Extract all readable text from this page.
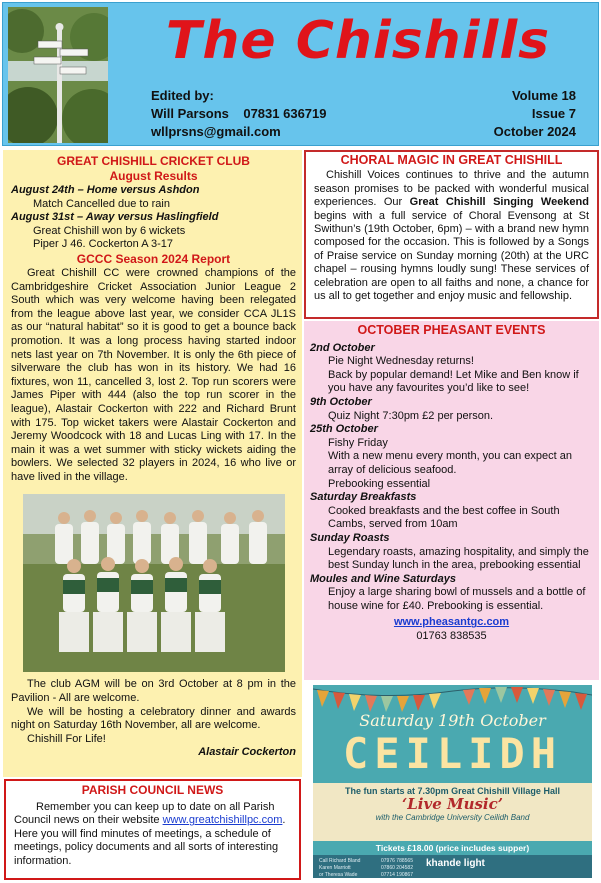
The Chishills
Edited by:
Will Parsons    07831 636719
wllprsns@gmail.com
Volume 18
Issue 7
October 2024
GREAT CHISHILL CRICKET CLUB
August Results
August 24th – Home versus Ashdon
Match Cancelled due to rain
August 31st – Away versus Haslingfield
Great Chishill won by 6 wickets
Piper J 46. Cockerton A 3-17
GCCC Season 2024 Report

Great Chishill CC were crowned champions of the Cambridgeshire Cricket Association Junior League 2 South which was very welcome having been relegated from the league above last year, we consider CCA JL1S as our “natural habitat” so it is good to get a bounce back promotion. It was a long process having started indoor nets last year on 7th November. It is only the 6th piece of silverware the club has won in its history. We had 16 fixtures, won 11, cancelled 3, lost 2. Top run scorers were James Piper with 444 (also the top run scorer in the league), Alastair Cockerton with 222 and Richard Brunt with 175. Top wicket takers were Alastair Cockerton and Jeremy Woodcock with 18 and Lucas Ling with 17. In the main it was a wet summer with sticky wickets aiding the bowlers. We selected 32 players in 2024, 16 who live or have lived in the village.

The club AGM will be on 3rd October at 8 pm in the Pavilion - All are welcome.

We will be hosting a celebratory dinner and awards night on Saturday 16th November, all are welcome.

Chishill For Life!

Alastair Cockerton
PARISH COUNCIL NEWS

Remember you can keep up to date on all Parish Council news on their website www.greatchishillpc.com. Here you will find minutes of meetings, a schedule of meetings, policy documents and all sorts of interesting information.

CHORAL MAGIC IN GREAT CHISHILL

Chishill Voices continues to thrive and the autumn season promises to be packed with wonderful musical experiences. Our Great Chishill Singing Weekend begins with a full service of Choral Evensong at St Swithun’s (19th October, 6pm) – with a brand new hymn composed for the occasion. This is followed by a Songs of Praise service on Sunday morning (20th) at the URC chapel – rousing hymns loudly sung! These services of celebration are open to all faiths and none, a chance for us all to get together and enjoy music and fellowship.

OCTOBER PHEASANT EVENTS
2nd October
Pie Night Wednesday returns!
Back by popular demand! Let Mike and Ben know if you have any favourites you’d like to see!
9th October
Quiz Night 7:30pm £2 per person.
25th October
Fishy Friday
With a new menu every month, you can expect an array of delicious seafood.
Prebooking essential
Saturday Breakfasts
Cooked breakfasts and the best coffee in South Cambs, served from 10am
Sunday Roasts
Legendary roasts, amazing hospitality, and simply the best Sunday lunch in the area, prebooking essential
Moules and Wine Saturdays
Enjoy a large sharing bowl of mussels and a bottle of house wine for £40. Prebooking is essential.
www.pheasantgc.com
01763 838535
Saturday 19th October
CEILIDH
The fun starts at 7.30pm Great Chishill Village Hall
‘Live Music’
with the Cambridge University Ceilidh Band
Tickets £18.00 (price includes supper)
Call Richard Bland
Karen Marriott
or Theresa Wade
07976 788565
07860 204582
07714 190867
khande light
